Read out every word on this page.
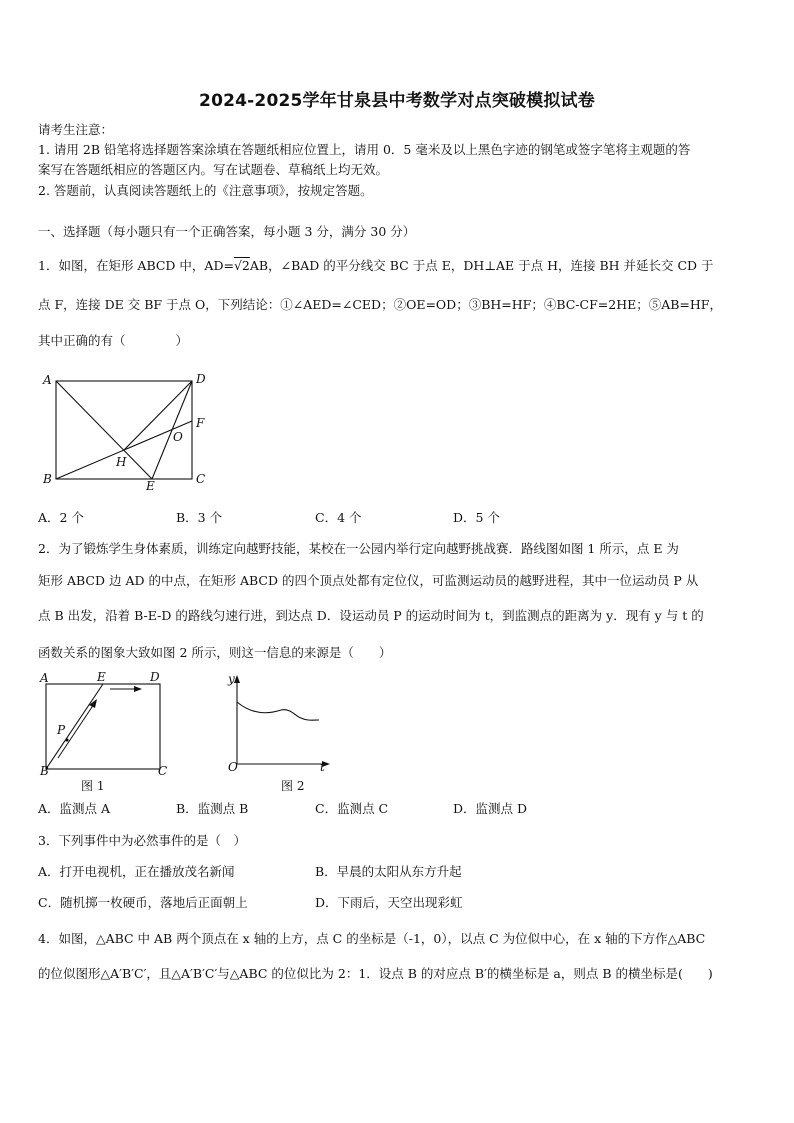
2024-2025学年甘泉县中考数学对点突破模拟试卷
请考生注意：
1. 请用 2B 铅笔将选择题答案涂填在答题纸相应位置上，请用 0．5 毫米及以上黑色字迹的钢笔或签字笔将主观题的答
案写在答题纸相应的答题区内。写在试题卷、草稿纸上均无效。
2. 答题前，认真阅读答题纸上的《注意事项》，按规定答题。
一、选择题（每小题只有一个正确答案，每小题 3 分，满分 30 分）
1．如图，在矩形 ABCD 中，AD=√2AB，∠BAD 的平分线交 BC 于点 E，DH⊥AE 于点 H，连接 BH 并延长交 CD 于
点 F，连接 DE 交 BF 于点 O，下列结论：①∠AED=∠CED；②OE=OD；③BH=HF；④BC-CF=2HE；⑤AB=HF，
其中正确的有（　　　　）
A	D
F
O
H
B	E	C
A．2 个	B．3 个	C．4 个	D．5 个
2．为了锻炼学生身体素质，训练定向越野技能，某校在一公园内举行定向越野挑战赛．路线图如图 1 所示，点 E 为
矩形 ABCD 边 AD 的中点，在矩形 ABCD 的四个顶点处都有定位仪，可监测运动员的越野进程，其中一位运动员 P 从
点 B 出发，沿着 B-E-D 的路线匀速行进，到达点 D．设运动员 P 的运动时间为 t，到监测点的距离为 y．现有 y 与 t 的
函数关系的图象大致如图 2 所示，则这一信息的来源是（　　）
A	E	D
P
B	C
图 1
y
O	t
图 2
A．监测点 A	B．监测点 B	C．监测点 C	D．监测点 D
3．下列事件中为必然事件的是（　）
A．打开电视机，正在播放茂名新闻	B．早晨的太阳从东方升起
C．随机掷一枚硬币，落地后正面朝上	D．下雨后，天空出现彩虹
4．如图，△ABC 中 AB 两个顶点在 x 轴的上方，点 C 的坐标是（-1，0），以点 C 为位似中心，在 x 轴的下方作△ABC
的位似图形△A′B′C′，且△A′B′C′与△ABC 的位似比为 2：1．设点 B 的对应点 B′的横坐标是 a，则点 B 的横坐标是(　　)
